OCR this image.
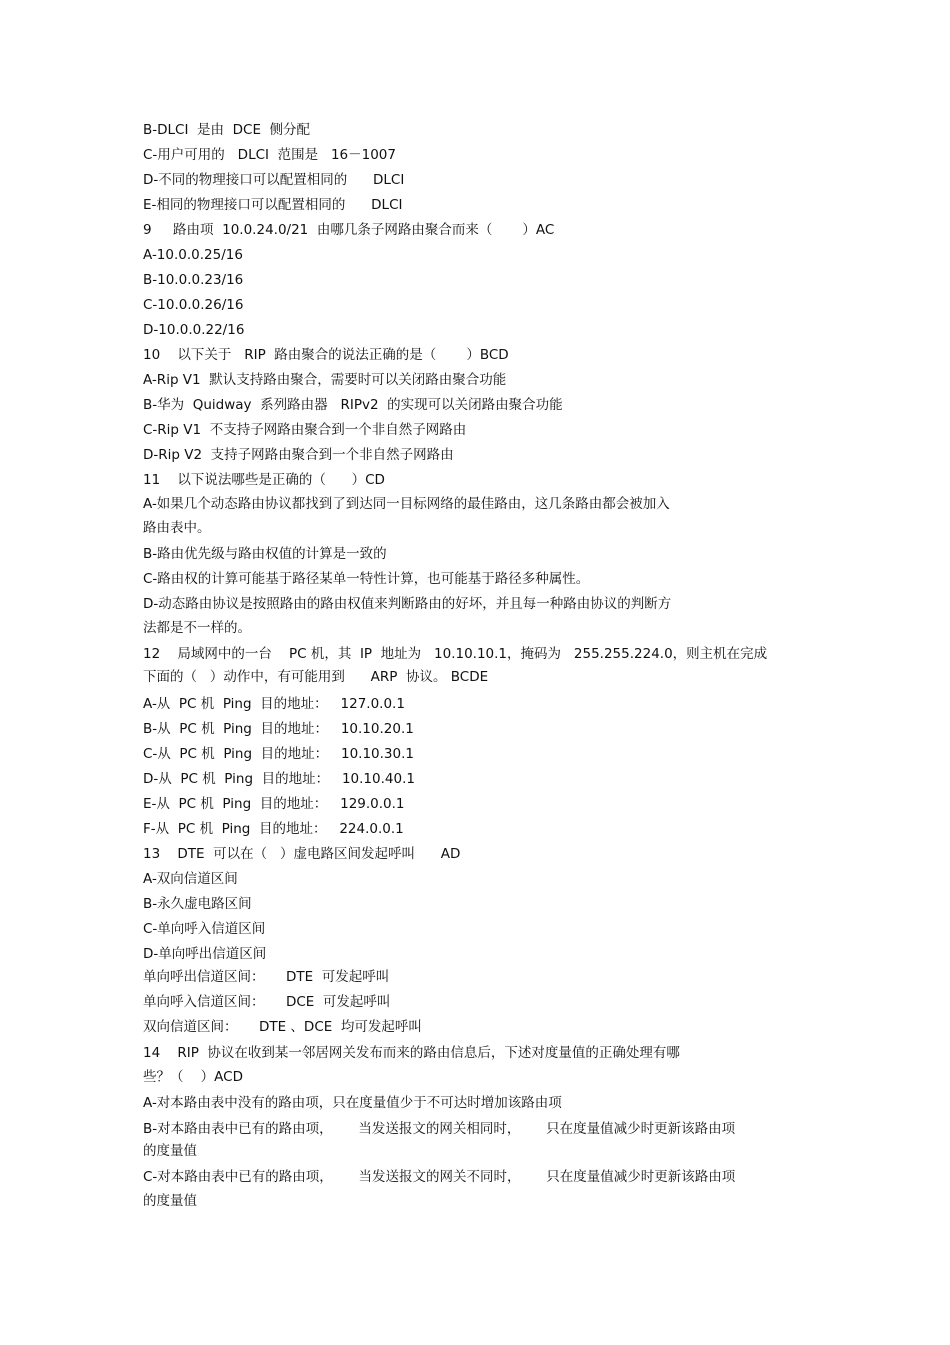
B-DLCI  是由  DCE  侧分配
C-用户可用的   DLCI  范围是   16－1007
D-不同的物理接口可以配置相同的      DLCI
E-相同的物理接口可以配置相同的      DLCI
9     路由项  10.0.24.0/21  由哪几条子网路由聚合而来（       ）AC
A-10.0.0.25/16
B-10.0.0.23/16
C-10.0.0.26/16
D-10.0.0.22/16
10    以下关于   RIP  路由聚合的说法正确的是（       ）BCD
A-Rip V1  默认支持路由聚合，需要时可以关闭路由聚合功能
B-华为  Quidway  系列路由器   RIPv2  的实现可以关闭路由聚合功能
C-Rip V1  不支持子网路由聚合到一个非自然子网路由
D-Rip V2  支持子网路由聚合到一个非自然子网路由
11    以下说法哪些是正确的（      ）CD
A-如果几个动态路由协议都找到了到达同一目标网络的最佳路由，这几条路由都会被加入
路由表中。
B-路由优先级与路由权值的计算是一致的
C-路由权的计算可能基于路径某单一特性计算，也可能基于路径多种属性。
D-动态路由协议是按照路由的路由权值来判断路由的好坏，并且每一种路由协议的判断方
法都是不一样的。
12    局域网中的一台    PC 机，其  IP  地址为   10.10.10.1，掩码为   255.255.224.0，则主机在完成
下面的（   ）动作中，有可能用到      ARP  协议。 BCDE
A-从  PC 机  Ping  目的地址：   127.0.0.1
B-从  PC 机  Ping  目的地址：   10.10.20.1
C-从  PC 机  Ping  目的地址：   10.10.30.1
D-从  PC 机  Ping  目的地址：   10.10.40.1
E-从  PC 机  Ping  目的地址：   129.0.0.1
F-从  PC 机  Ping  目的地址：   224.0.0.1
13    DTE  可以在（   ）虚电路区间发起呼叫      AD
A-双向信道区间
B-永久虚电路区间
C-单向呼入信道区间
D-单向呼出信道区间
单向呼出信道区间：     DTE  可发起呼叫
单向呼入信道区间：     DCE  可发起呼叫
双向信道区间：     DTE 、DCE  均可发起呼叫
14    RIP  协议在收到某一邻居网关发布而来的路由信息后，下述对度量值的正确处理有哪
些？（    ）ACD
A-对本路由表中没有的路由项，只在度量值少于不可达时增加该路由项
B-对本路由表中已有的路由项，      当发送报文的网关相同时，      只在度量值减少时更新该路由项
的度量值
C-对本路由表中已有的路由项，      当发送报文的网关不同时，      只在度量值减少时更新该路由项
的度量值
